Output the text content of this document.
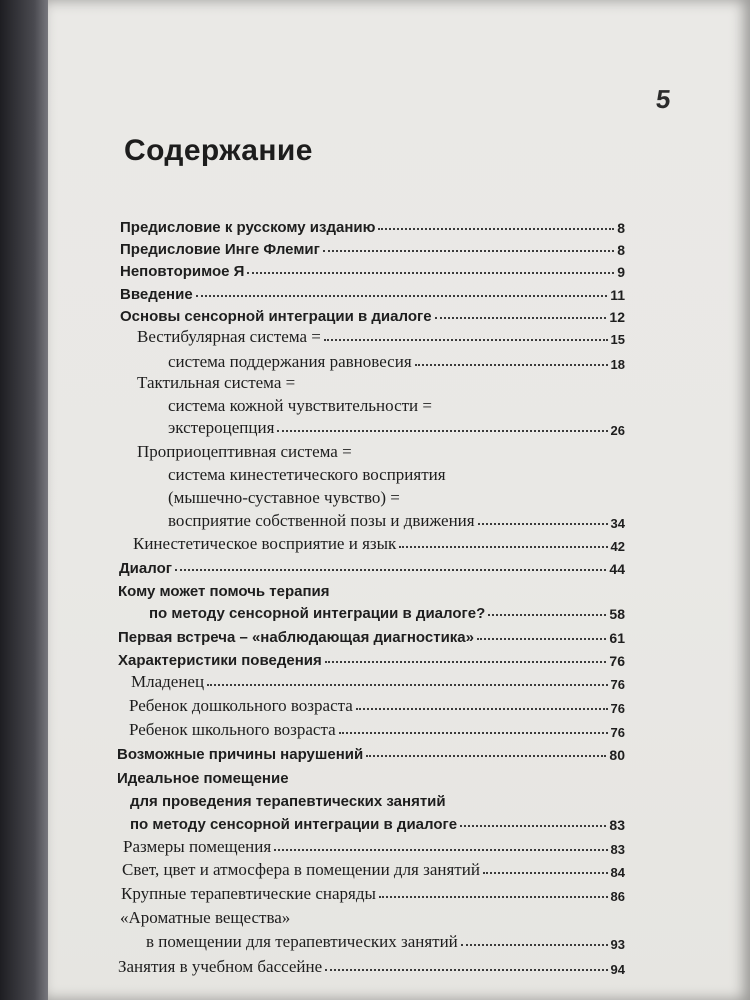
5
Содержание
Предисловие к русскому изданию	8
Предисловие Инге Флемиг	8
Неповторимое Я	9
Введение	11
Основы сенсорной интеграции в диалоге	12
Вестибулярная система =	15
система поддержания равновесия	18
Тактильная система =
система кожной чувствительности =
экстероцепция	26
Проприоцептивная система =
система кинестетического восприятия
(мышечно-суставное чувство) =
восприятие собственной позы и движения	34
Кинестетическое восприятие и язык	42
Диалог	44
Кому может помочь терапия
по методу сенсорной интеграции в диалоге?	58
Первая встреча – «наблюдающая диагностика»	61
Характеристики поведения	76
Младенец	76
Ребенок дошкольного возраста	76
Ребенок школьного возраста	76
Возможные причины нарушений	80
Идеальное помещение
для проведения терапевтических занятий
по методу сенсорной интеграции в диалоге	83
Размеры помещения	83
Свет, цвет и атмосфера в помещении для занятий	84
Крупные терапевтические снаряды	86
«Ароматные вещества»
в помещении для терапевтических занятий	93
Занятия в учебном бассейне	94
